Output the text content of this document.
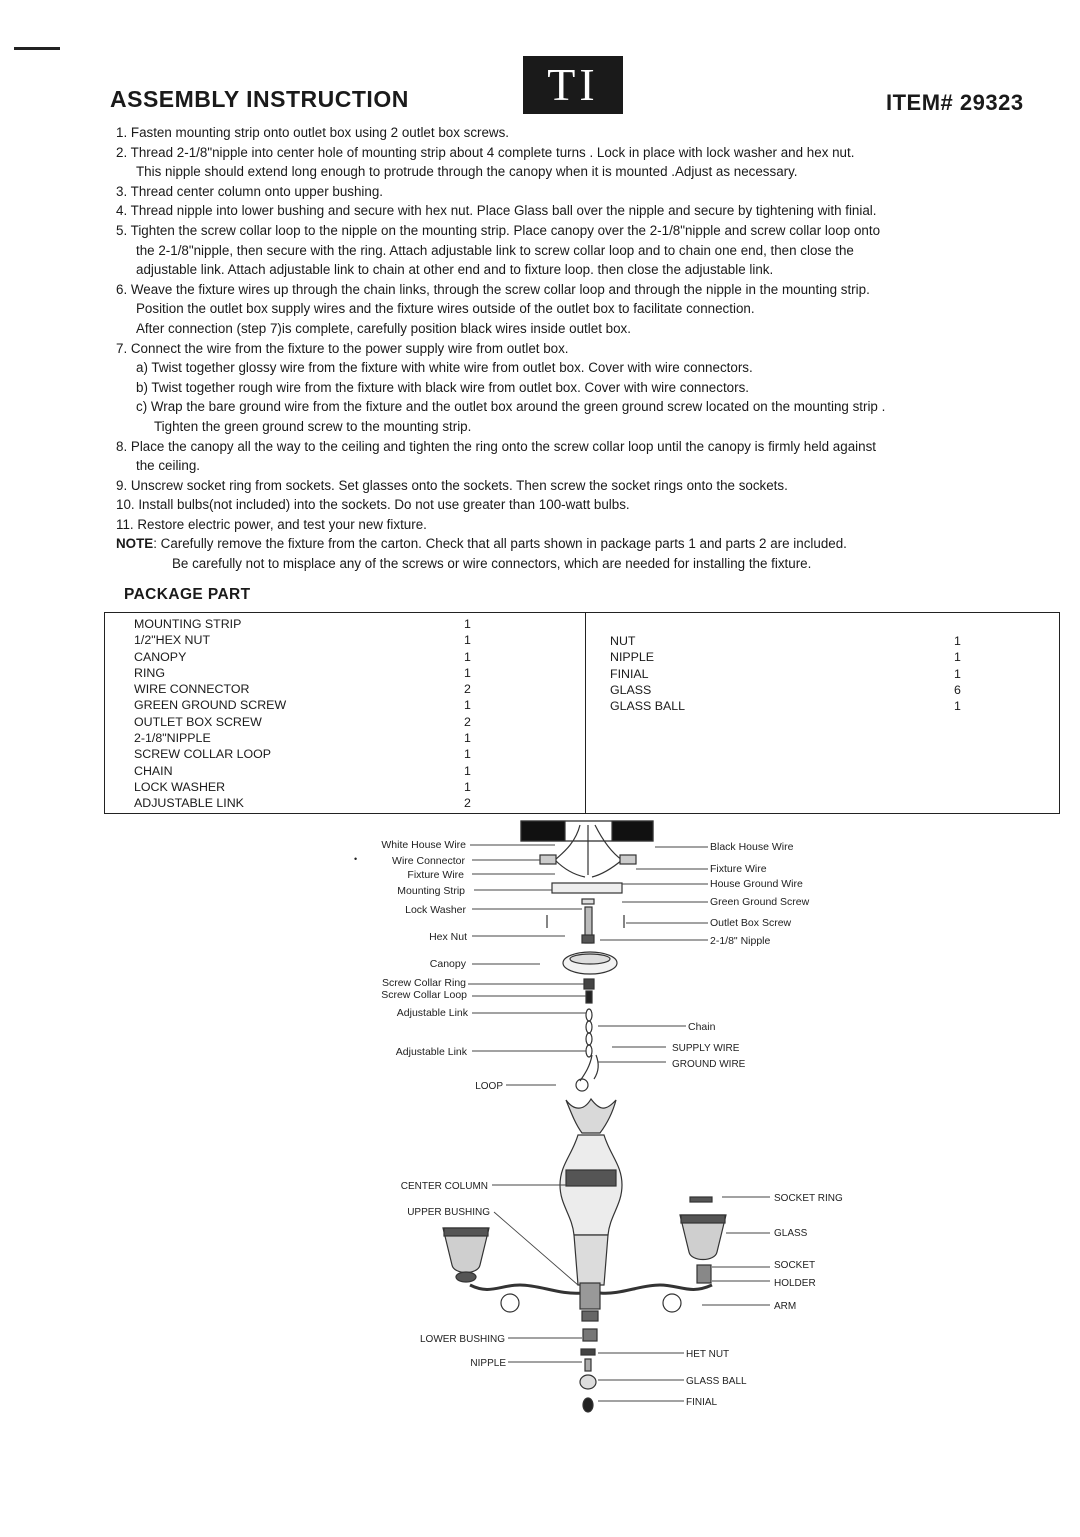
ASSEMBLY INSTRUCTION	TI	ITEM# 29323
1. Fasten mounting strip onto outlet box using 2 outlet box screws.
2. Thread 2-1/8"nipple into center hole of mounting strip about 4 complete turns . Lock in place with lock washer and hex nut.
This nipple should extend long enough to protrude through the canopy when it is mounted .Adjust as necessary.
3. Thread center column onto upper bushing.
4. Thread nipple into lower bushing and secure with hex nut. Place Glass ball over the nipple and secure by tightening with finial.
5. Tighten the screw collar loop to the nipple on the mounting strip. Place canopy over the 2-1/8"nipple and screw collar loop onto
the 2-1/8"nipple, then secure with the ring. Attach adjustable link to screw collar loop and to chain one end, then close the
adjustable link. Attach adjustable link to chain at other end and to fixture loop. then close the adjustable link.
6. Weave the fixture wires up through the chain links, through the screw collar loop and through the nipple in the mounting strip.
Position the outlet box supply wires and the fixture wires outside of the outlet box to facilitate connection.
After connection (step 7)is complete, carefully position black wires inside outlet box.
7. Connect the wire from the fixture to the power supply wire from outlet box.
a) Twist together glossy wire from the fixture with white wire from outlet box. Cover with wire connectors.
b) Twist together rough wire from the fixture with black wire from outlet box. Cover with wire connectors.
c) Wrap the bare ground wire from the fixture and the outlet box around the green ground screw located on the mounting strip .
Tighten the green ground screw to the mounting strip.
8. Place the canopy all the way to the ceiling and tighten the ring onto the screw collar loop until the canopy is firmly held against
the ceiling.
9. Unscrew socket ring from sockets. Set glasses onto the sockets. Then screw the socket rings onto the sockets.
10. Install bulbs(not included) into the sockets. Do not use greater than 100-watt bulbs.
11. Restore electric power, and test your new fixture.
NOTE: Carefully remove the fixture from the carton. Check that all parts shown in package parts 1 and parts 2 are included.
Be carefully not to misplace any of the screws or wire connectors, which are needed for installing the fixture.
PACKAGE PART
MOUNTING STRIP	1
1/2"HEX NUT	1
CANOPY	1
RING	1
WIRE CONNECTOR	2
GREEN GROUND SCREW	1
OUTLET BOX SCREW	2
2-1/8"NIPPLE	1
SCREW COLLAR LOOP	1
CHAIN	1
LOCK WASHER	1
ADJUSTABLE LINK	2
NUT	1
NIPPLE	1
FINIAL	1
GLASS	6
GLASS BALL	1
White House Wire
Wire Connector
Fixture Wire
Mounting Strip
Lock Washer
Hex Nut
Canopy
Screw Collar Ring
Screw Collar Loop
Adjustable Link
Adjustable Link
LOOP
CENTER COLUMN
UPPER BUSHING
LOWER BUSHING
NIPPLE
•
Black House Wire
Fixture Wire
House Ground Wire
Green Ground Screw
Outlet Box Screw
2-1/8" Nipple
Chain
SUPPLY WIRE
GROUND WIRE
SOCKET RING
GLASS
SOCKET
HOLDER
ARM
HET NUT
GLASS BALL
FINIAL
